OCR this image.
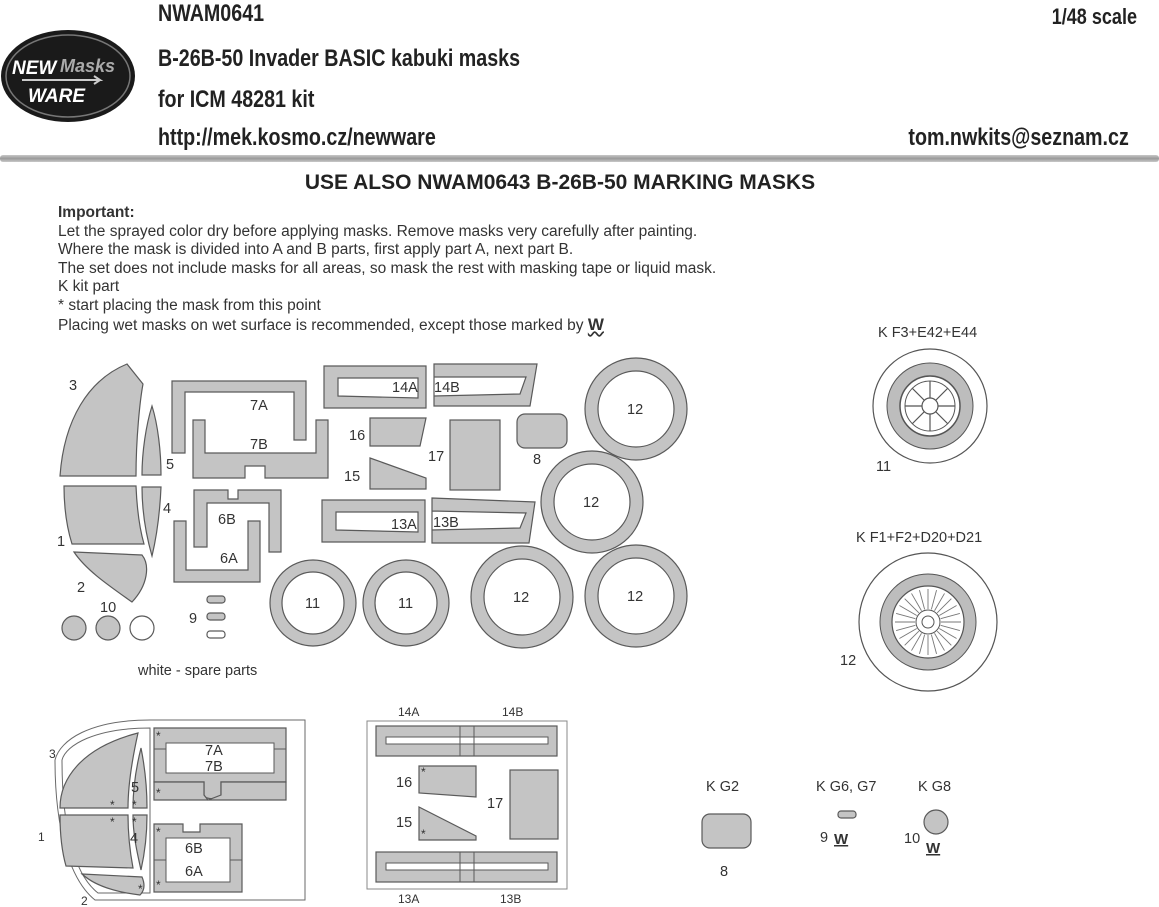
NEW Masks
WARE
NWAM0641	1/48 scale
B-26B-50 Invader BASIC kabuki masks
for ICM 48281 kit
http://mek.kosmo.cz/newware	tom.nwkits@seznam.cz
USE ALSO NWAM0643 B-26B-50 MARKING MASKS
Important:
Let the sprayed color dry before applying masks. Remove masks very carefully after painting.
Where the mask is divided into A and B parts, first apply part A, next part B.
The set does not include masks for all areas, so mask the rest with masking tape or liquid mask.
K kit part
* start placing the mask from this point
Placing wet masks on wet surface is recommended, except those marked by W
3
5
4
1
2
7A
7B
6B
6A
14A 14B
13A 13B
16
15
17	8
12
12
12	12
11	11
10
9
white - spare parts
K F3+E42+E44
11
K F1+F2+D20+D21
12
3
5
1	4
2
7A
7B
6B
6A
* *
* *
*
*
*
*
*
14A	14B
16
15
17
*
*
13A	13B
K G2
8
K G6, G7
9 W
K G8
10
W
